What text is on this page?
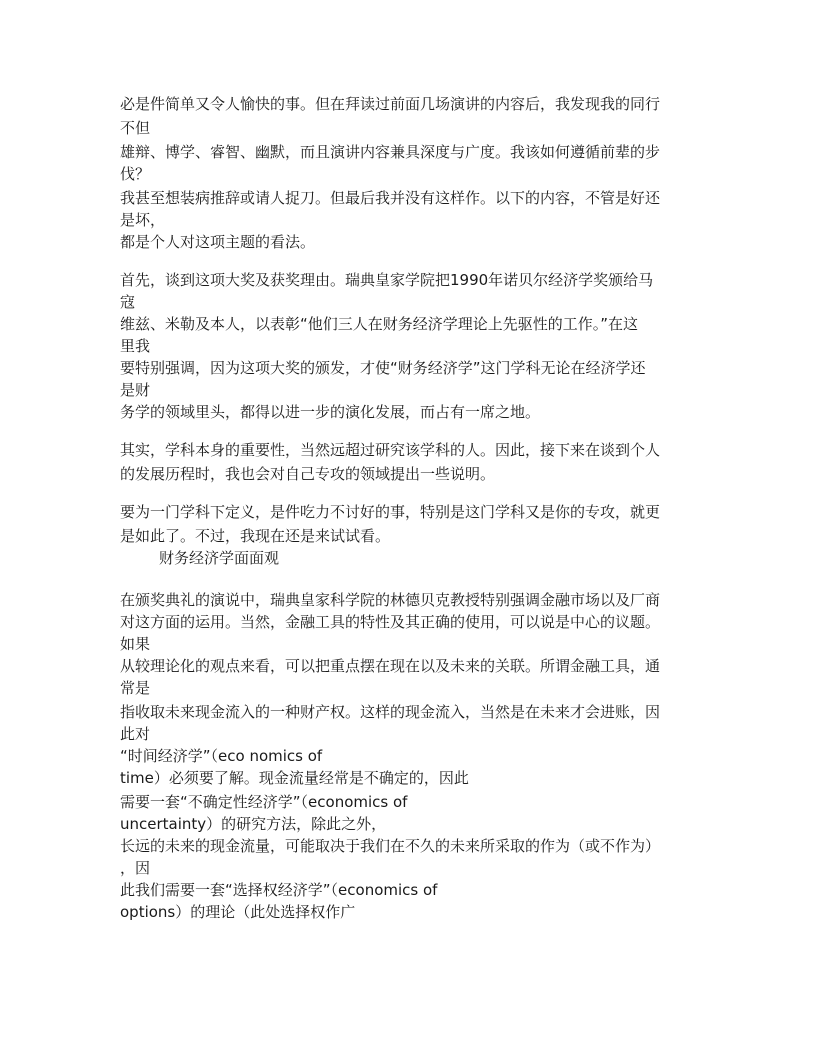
必是件简单又令人愉快的事。但在拜读过前面几场演讲的内容后，我发现我的同行
不但
雄辩、博学、睿智、幽默，而且演讲内容兼具深度与广度。我该如何遵循前辈的步
伐？
我甚至想装病推辞或请人捉刀。但最后我并没有这样作。以下的内容，不管是好还
是坏，
都是个人对这项主题的看法。
首先，谈到这项大奖及获奖理由。瑞典皇家学院把1990年诺贝尔经济学奖颁给马
寇
维兹、米勒及本人，以表彰“他们三人在财务经济学理论上先驱性的工作。”在这
里我
要特别强调，因为这项大奖的颁发，才使“财务经济学”这门学科无论在经济学还
是财
务学的领域里头，都得以进一步的演化发展，而占有一席之地。
其实，学科本身的重要性，当然远超过研究该学科的人。因此，接下来在谈到个人
的发展历程时，我也会对自己专攻的领域提出一些说明。
要为一门学科下定义，是件吃力不讨好的事，特别是这门学科又是你的专攻，就更
是如此了。不过，我现在还是来试试看。
财务经济学面面观
在颁奖典礼的演说中，瑞典皇家科学院的林德贝克教授特别强调金融市场以及厂商
对这方面的运用。当然，金融工具的特性及其正确的使用，可以说是中心的议题。
如果
从较理论化的观点来看，可以把重点摆在现在以及未来的关联。所谓金融工具，通
常是
指收取未来现金流入的一种财产权。这样的现金流入，当然是在未来才会进账，因
此对
“时间经济学”（eco nomics of
time）必须要了解。现金流量经常是不确定的，因此
需要一套“不确定性经济学”（economics of
uncertainty）的研究方法，除此之外，
长远的未来的现金流量，可能取决于我们在不久的未来所采取的作为（或不作为）
，因
此我们需要一套“选择权经济学”（economics of
options）的理论（此处选择权作广
